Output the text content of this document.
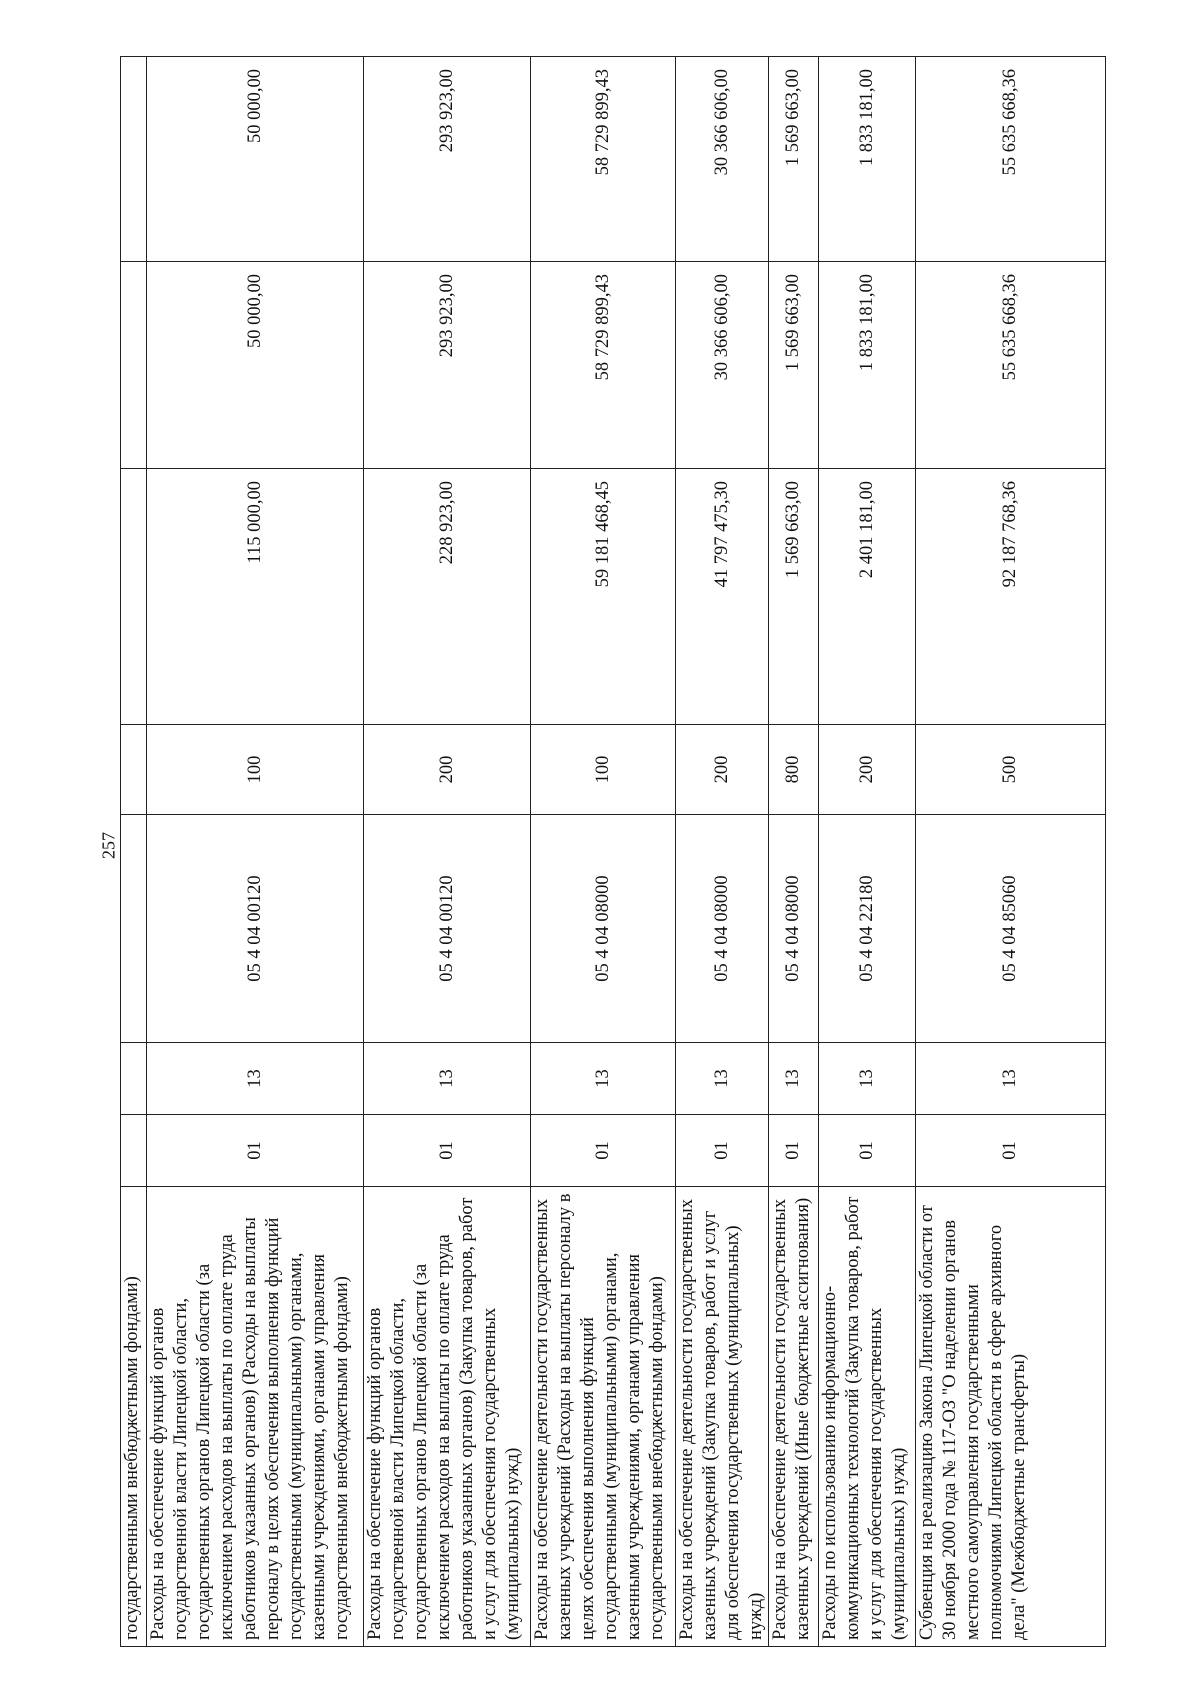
257
государственными внебюджетными фондами)							
Расходы на обеспечение функций органов государственной власти Липецкой области, государственных органов Липецкой области (за исключением расходов на выплаты по оплате труда работников указанных органов) (Расходы на выплаты персоналу в целях обеспечения выполнения функций государственными (муниципальными) органами, казенными учреждениями, органами управления государственными внебюджетными фондами)	01	13	05 4 04 00120	100	115 000,00	50 000,00	50 000,00
Расходы на обеспечение функций органов государственной власти Липецкой области, государственных органов Липецкой области (за исключением расходов на выплаты по оплате труда работников указанных органов) (Закупка товаров, работ и услуг для обеспечения государственных (муниципальных) нужд)	01	13	05 4 04 00120	200	228 923,00	293 923,00	293 923,00
Расходы на обеспечение деятельности государственных казенных учреждений (Расходы на выплаты персоналу в целях обеспечения выполнения функций государственными (муниципальными) органами, казенными учреждениями, органами управления государственными внебюджетными фондами)	01	13	05 4 04 08000	100	59 181 468,45	58 729 899,43	58 729 899,43
Расходы на обеспечение деятельности государственных казенных учреждений (Закупка товаров, работ и услуг для обеспечения государственных (муниципальных) нужд)	01	13	05 4 04 08000	200	41 797 475,30	30 366 606,00	30 366 606,00
Расходы на обеспечение деятельности государственных казенных учреждений (Иные бюджетные ассигнования)	01	13	05 4 04 08000	800	1 569 663,00	1 569 663,00	1 569 663,00
Расходы по использованию информационно-коммуникационных технологий (Закупка товаров, работ и услуг для обеспечения государственных (муниципальных) нужд)	01	13	05 4 04 22180	200	2 401 181,00	1 833 181,00	1 833 181,00
Субвенция на реализацию Закона Липецкой области от 30 ноября 2000 года № 117-ОЗ "О наделении органов местного самоуправления государственными полномочиями Липецкой области в сфере архивного дела" (Межбюджетные трансферты)	01	13	05 4 04 85060	500	92 187 768,36	55 635 668,36	55 635 668,36
